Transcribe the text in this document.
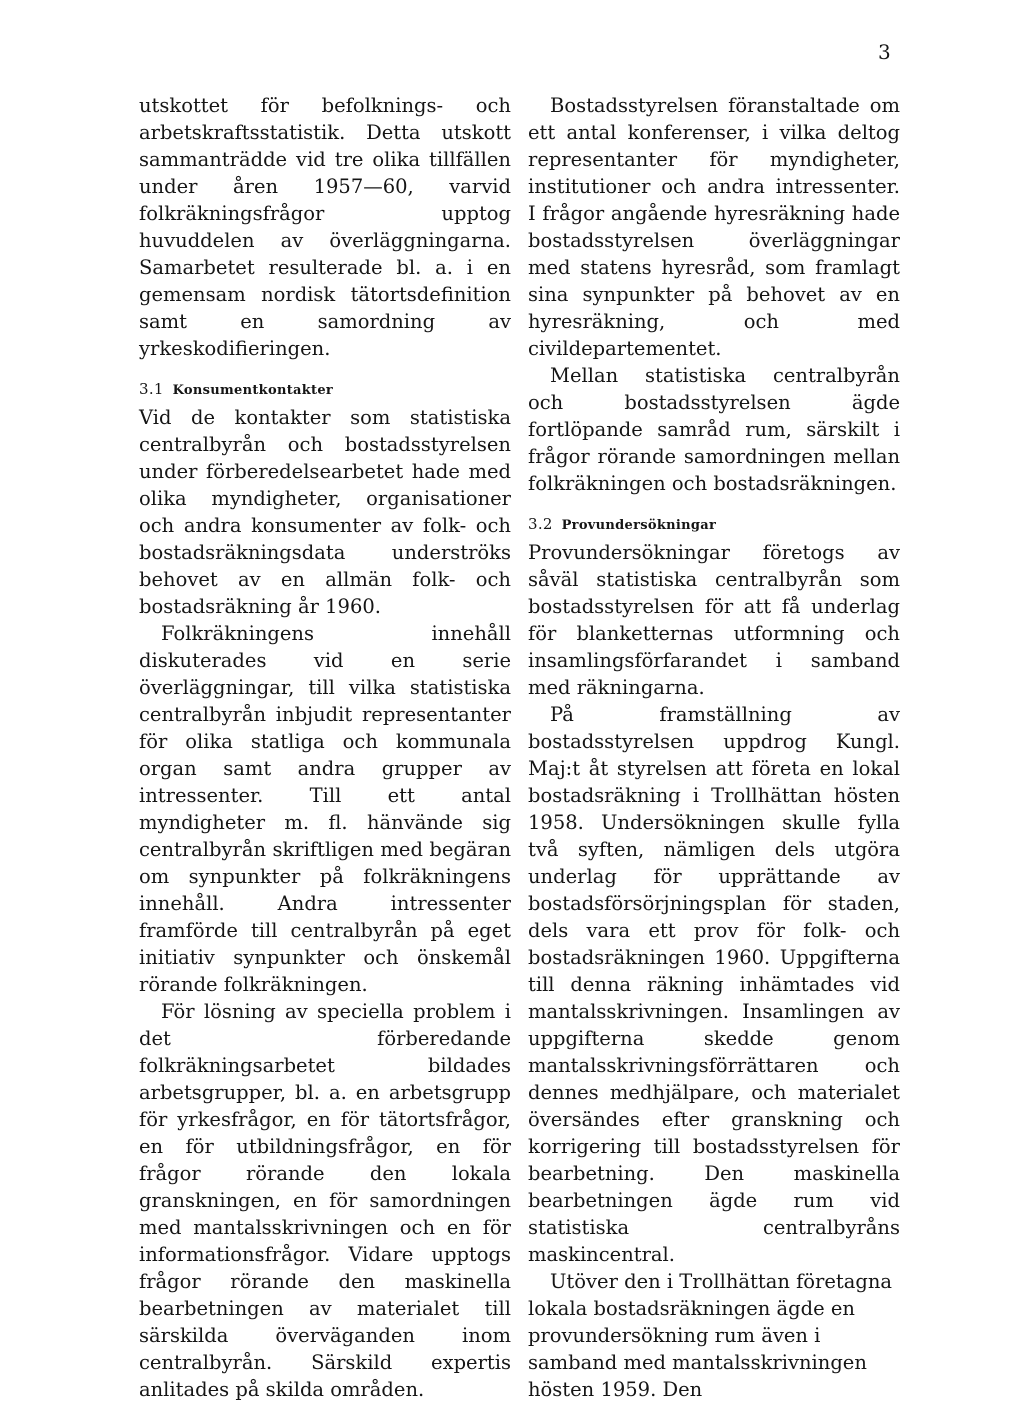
3

utskottet för befolknings- och arbetskraftsstatistik. Detta utskott sammanträdde vid tre olika tillfällen under åren 1957—60, varvid folkräkningsfrågor upptog huvuddelen av överläggningarna. Samarbetet resulterade bl. a. i en gemensam nordisk tätortsdefinition samt en samordning av yrkeskodifieringen.

3.1 Konsumentkontakter

Vid de kontakter som statistiska centralbyrån och bostadsstyrelsen under förberedelsearbetet hade med olika myndigheter, organisationer och andra konsumenter av folk- och bostadsräkningsdata underströks behovet av en allmän folk- och bostadsräkning år 1960.

Folkräkningens innehåll diskuterades vid en serie överläggningar, till vilka statistiska centralbyrån inbjudit representanter för olika statliga och kommunala organ samt andra grupper av intressenter. Till ett antal myndigheter m. fl. hänvände sig centralbyrån skriftligen med begäran om synpunkter på folkräkningens innehåll. Andra intressenter framförde till centralbyrån på eget initiativ synpunkter och önskemål rörande folkräkningen.

För lösning av speciella problem i det förberedande folkräkningsarbetet bildades arbetsgrupper, bl. a. en arbetsgrupp för yrkesfrågor, en för tätortsfrågor, en för utbildningsfrågor, en för frågor rörande den lokala granskningen, en för samordningen med mantalsskrivningen och en för informationsfrågor. Vidare upptogs frågor rörande den maskinella bearbetningen av materialet till särskilda överväganden inom centralbyrån. Särskild expertis anlitades på skilda områden.

Bostadsstyrelsen föranstaltade om ett antal konferenser, i vilka deltog representanter för myndigheter, institutioner och andra intressenter. I frågor angående hyresräkning hade bostadsstyrelsen överläggningar med statens hyresråd, som framlagt sina synpunkter på behovet av en hyresräkning, och med civildepartementet.

Mellan statistiska centralbyrån och bostadsstyrelsen ägde fortlöpande samråd rum, särskilt i frågor rörande samordningen mellan folkräkningen och bostadsräkningen.

3.2 Provundersökningar

Provundersökningar företogs av såväl statistiska centralbyrån som bostadsstyrelsen för att få underlag för blanketternas utformning och insamlingsförfarandet i samband med räkningarna.

På framställning av bostadsstyrelsen uppdrog Kungl. Maj:t åt styrelsen att företa en lokal bostadsräkning i Trollhättan hösten 1958. Undersökningen skulle fylla två syften, nämligen dels utgöra underlag för upprättande av bostadsförsörjningsplan för staden, dels vara ett prov för folk- och bostadsräkningen 1960. Uppgifterna till denna räkning inhämtades vid mantalsskrivningen. Insamlingen av uppgifterna skedde genom mantalsskrivningsförrättaren och dennes medhjälpare, och materialet översändes efter granskning och korrigering till bostadsstyrelsen för bearbetning. Den maskinella bearbetningen ägde rum vid statistiska centralbyråns maskincentral.

Utöver den i Trollhättan företagna lokala bostadsräkningen ägde en provundersökning rum även i samband med mantalsskrivningen hösten 1959. Den
